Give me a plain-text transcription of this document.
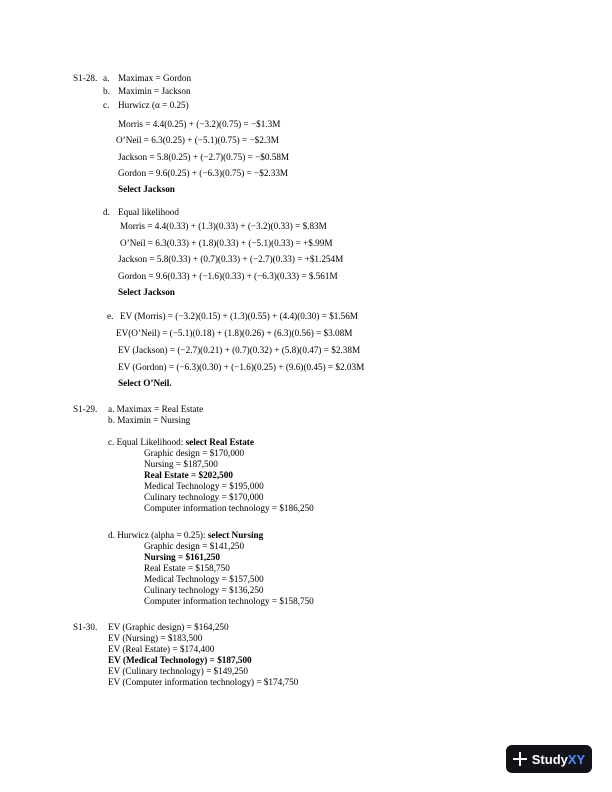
S1-28. a. Maximax = Gordon
b. Maximin = Jackson
c. Hurwicz (α = 0.25)
Morris = 4.4(0.25) + (−3.2)(0.75) = −$1.3M
O’Neil = 6.3(0.25) + (−5.1)(0.75) = −$2.3M
Jackson = 5.8(0.25) + (−2.7)(0.75) = −$0.58M
Gordon = 9.6(0.25) + (−6.3)(0.75) = −$2.33M
Select Jackson
d. Equal likelihood
Morris = 4.4(0.33) + (1.3)(0.33) + (−3.2)(0.33) = $.83M
O’Neil = 6.3(0.33) + (1.8)(0.33) + (−5.1)(0.33) = +$.99M
Jackson = 5.8(0.33) + (0.7)(0.33) + (−2.7)(0.33) = +$1.254M
Gordon = 9.6(0.33) + (−1.6)(0.33) + (−6.3)(0.33) = $.561M
Select Jackson
e. EV (Morris) = (−3.2)(0.15) + (1.3)(0.55) + (4.4)(0.30) = $1.56M
EV(O’Neil) = (−5.1)(0.18) + (1.8)(0.26) + (6.3)(0.56) = $3.08M
EV (Jackson) = (−2.7)(0.21) + (0.7)(0.32) + (5.8)(0.47) = $2.38M
EV (Gordon) = (−6.3)(0.30) + (−1.6)(0.25) + (9.6)(0.45) = $2.03M
Select O’Neil.
S1-29. a. Maximax = Real Estate
b. Maximin = Nursing
c. Equal Likelihood: select Real Estate
Graphic design = $170,000
Nursing = $187,500
Real Estate = $202,500
Medical Technology = $195,000
Culinary technology = $170,000
Computer information technology = $186,250
d. Hurwicz (alpha = 0.25): select Nursing
Graphic design = $141,250
Nursing = $161,250
Real Estate = $158,750
Medical Technology = $157,500
Culinary technology = $136,250
Computer information technology = $158,750
S1-30. EV (Graphic design) = $164,250
EV (Nursing) = $183,500
EV (Real Estate) = $174,400
EV (Medical Technology) = $187,500
EV (Culinary technology) = $149,250
EV (Computer information technology) = $174,750
StudyXY
